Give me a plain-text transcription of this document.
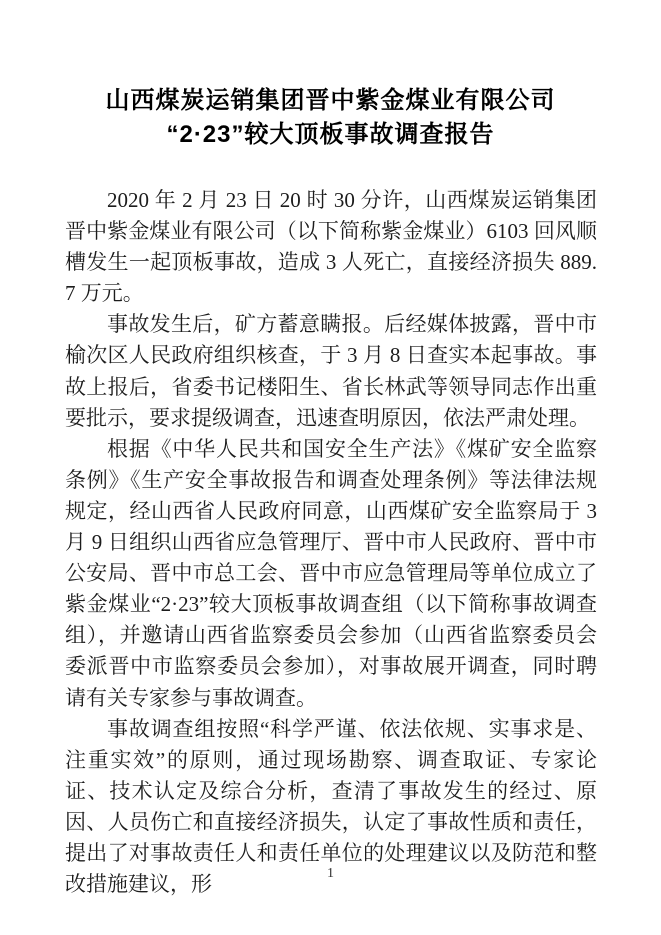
山西煤炭运销集团晋中紫金煤业有限公司
“2·23”较大顶板事故调查报告

2020 年 2 月 23 日 20 时 30 分许，山西煤炭运销集团晋中紫金煤业有限公司（以下简称紫金煤业）6103 回风顺槽发生一起顶板事故，造成 3 人死亡，直接经济损失 889.7 万元。

事故发生后，矿方蓄意瞒报。后经媒体披露，晋中市榆次区人民政府组织核查，于 3 月 8 日查实本起事故。事故上报后，省委书记楼阳生、省长林武等领导同志作出重要批示，要求提级调查，迅速查明原因，依法严肃处理。

根据《中华人民共和国安全生产法》《煤矿安全监察条例》《生产安全事故报告和调查处理条例》等法律法规规定，经山西省人民政府同意，山西煤矿安全监察局于 3 月 9 日组织山西省应急管理厅、晋中市人民政府、晋中市公安局、晋中市总工会、晋中市应急管理局等单位成立了紫金煤业“2·23”较大顶板事故调查组（以下简称事故调查组），并邀请山西省监察委员会参加（山西省监察委员会委派晋中市监察委员会参加），对事故展开调查，同时聘请有关专家参与事故调查。

事故调查组按照“科学严谨、依法依规、实事求是、注重实效”的原则，通过现场勘察、调查取证、专家论证、技术认定及综合分析，查清了事故发生的经过、原因、人员伤亡和直接经济损失，认定了事故性质和责任，提出了对事故责任人和责任单位的处理建议以及防范和整改措施建议，形	1
